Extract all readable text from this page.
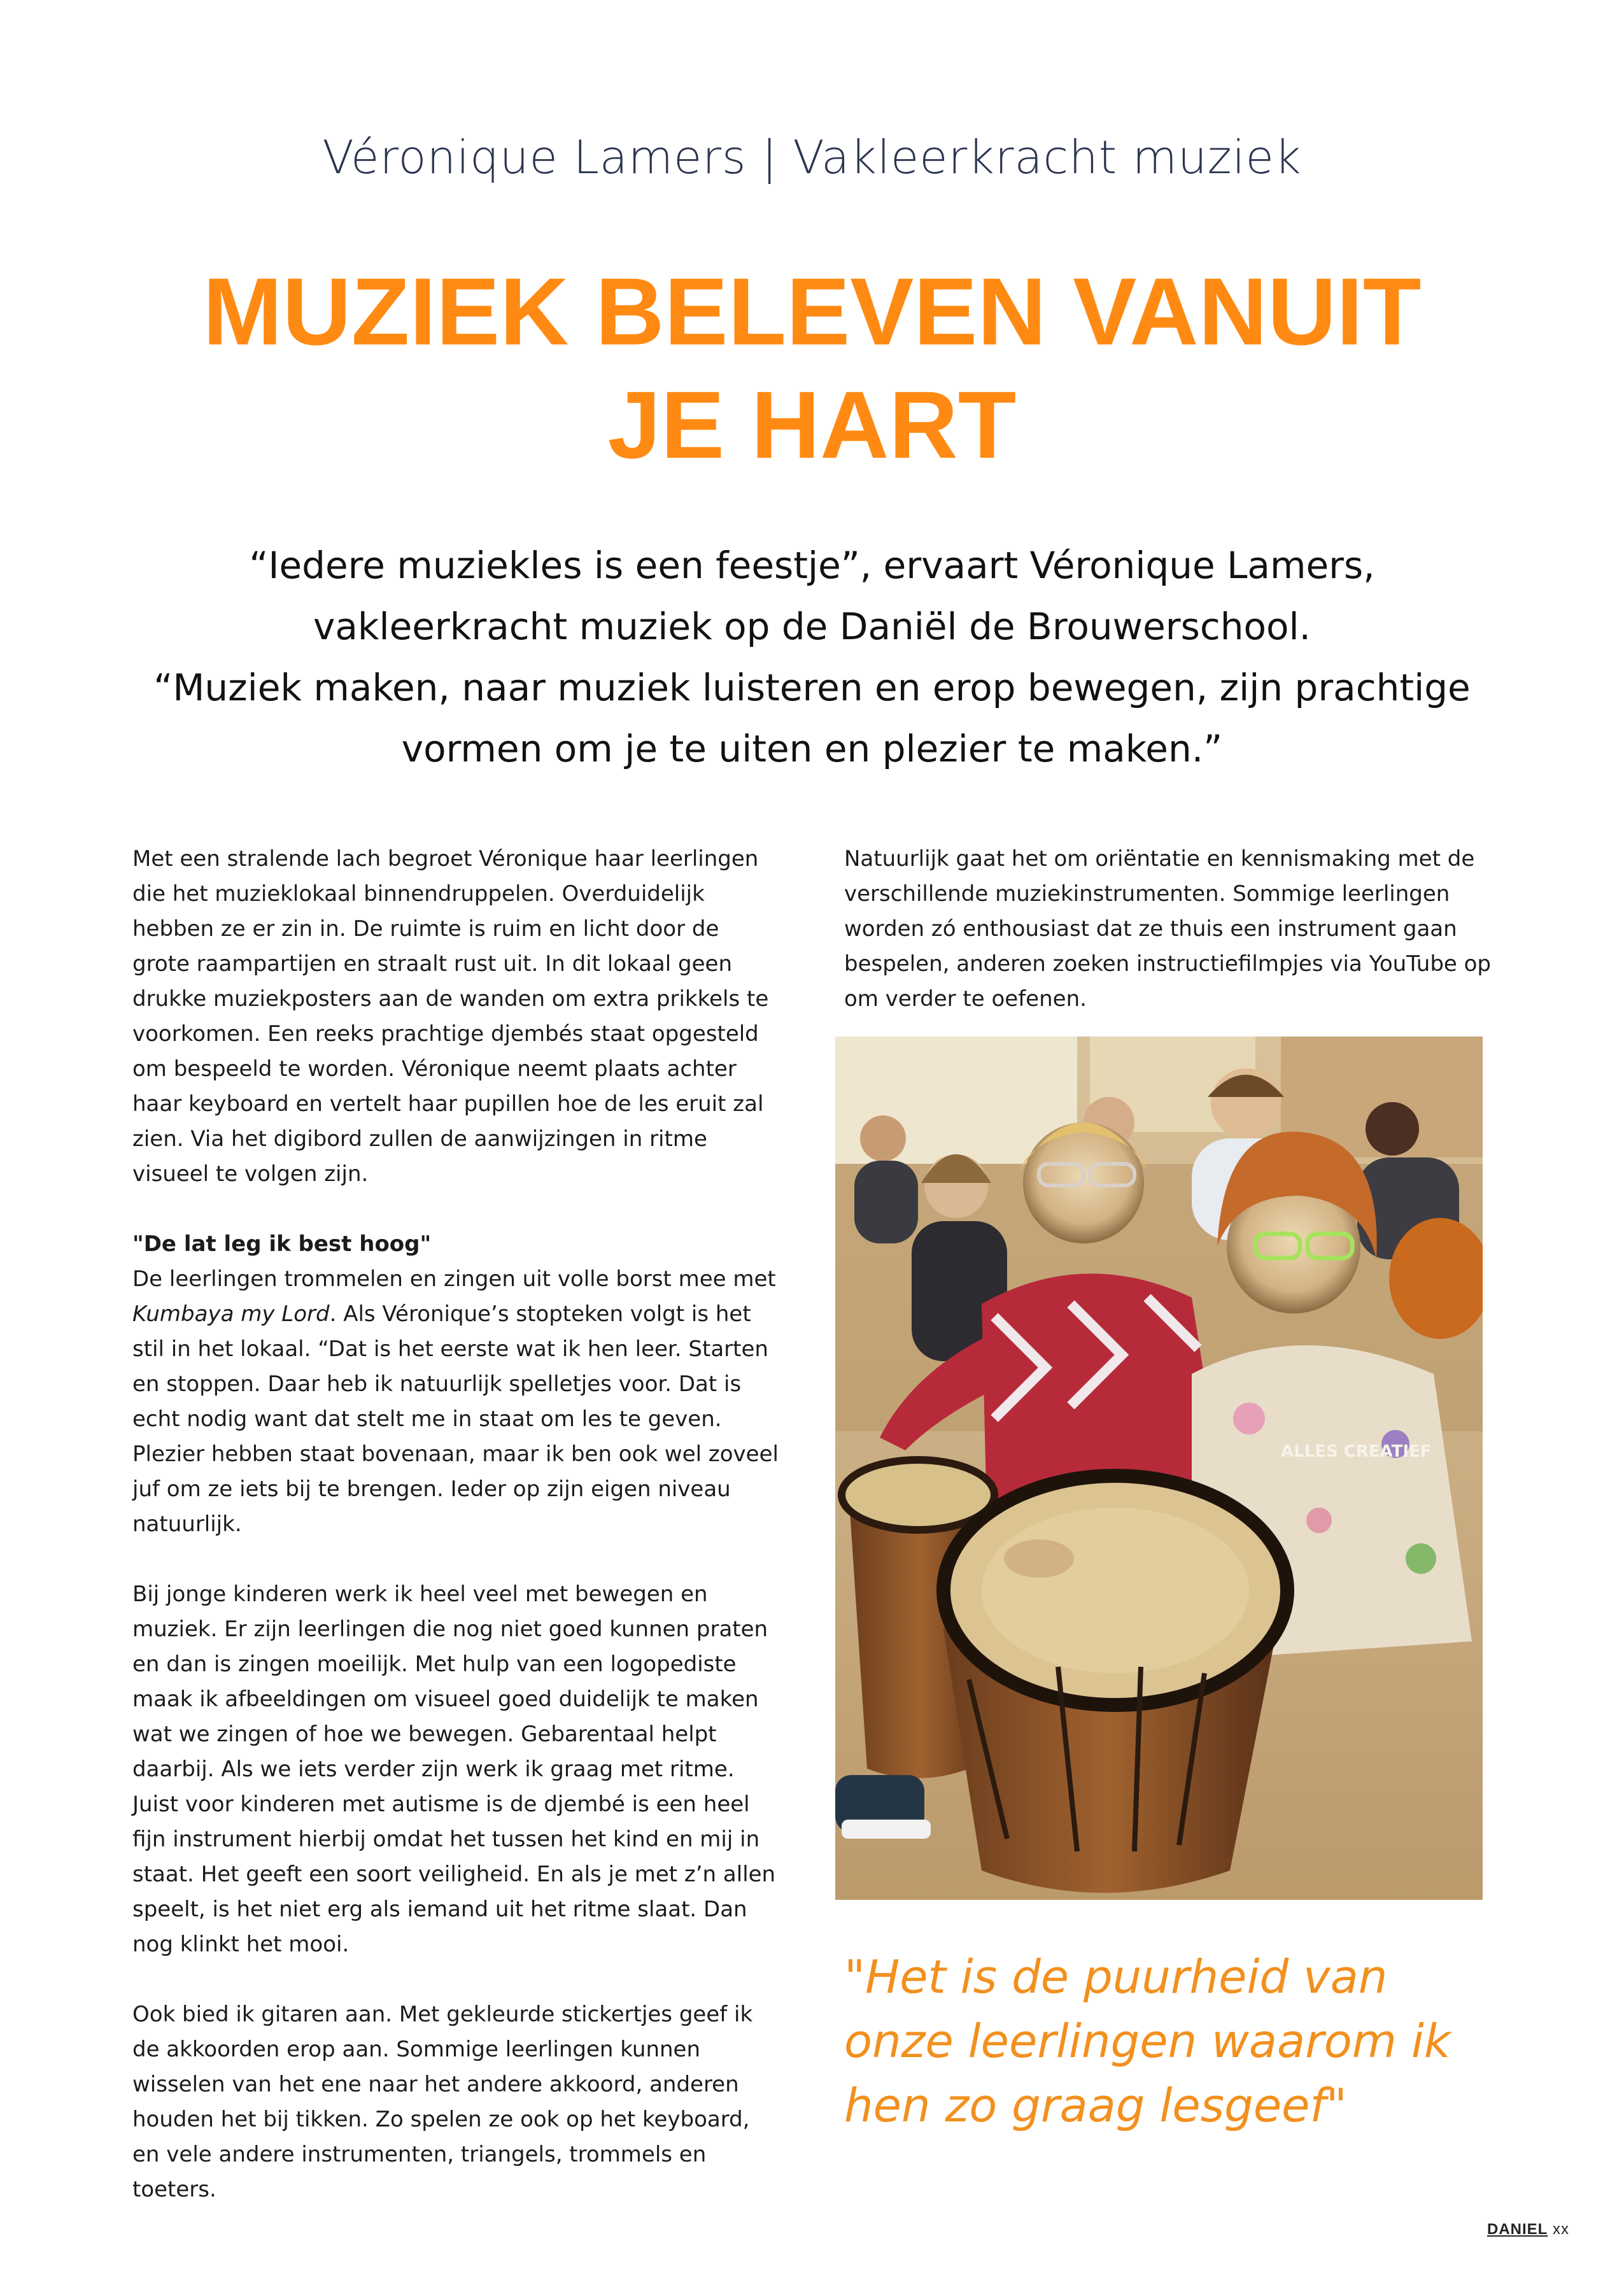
Véronique Lamers | Vakleerkracht muziek
MUZIEK BELEVEN VANUIT
JE HART
“Iedere muziekles is een feestje”, ervaart Véronique Lamers,
vakleerkracht muziek op de Daniël de Brouwerschool.
“Muziek maken, naar muziek luisteren en erop bewegen, zijn prachtige
vormen om je te uiten en plezier te maken.”

Met een stralende lach begroet Véronique haar leerlingen die het muzieklokaal binnendruppelen. Overduidelijk hebben ze er zin in. De ruimte is ruim en licht door de grote raampartijen en straalt rust uit. In dit lokaal geen drukke muziekposters aan de wanden om extra prikkels te voorkomen. Een reeks prachtige djembés staat opgesteld om bespeeld te worden. Véronique neemt plaats achter haar keyboard en vertelt haar pupillen hoe de les eruit zal zien. Via het digibord zullen de aanwijzingen in ritme visueel te volgen zijn.

"De lat leg ik best hoog"
De leerlingen trommelen en zingen uit volle borst mee met Kumbaya my Lord. Als Véronique’s stopteken volgt is het stil in het lokaal. “Dat is het eerste wat ik hen leer. Starten en stoppen. Daar heb ik natuurlijk spelletjes voor. Dat is echt nodig want dat stelt me in staat om les te geven. Plezier hebben staat bovenaan, maar ik ben ook wel zoveel juf om ze iets bij te brengen. Ieder op zijn eigen niveau natuurlijk.

Bij jonge kinderen werk ik heel veel met bewegen en muziek. Er zijn leerlingen die nog niet goed kunnen praten en dan is zingen moeilijk. Met hulp van een logopediste maak ik afbeeldingen om visueel goed duidelijk te maken wat we zingen of hoe we bewegen. Gebarentaal helpt daarbij. Als we iets verder zijn werk ik graag met ritme. Juist voor kinderen met autisme is de djembé is een heel fijn instrument hierbij omdat het tussen het kind en mij in staat. Het geeft een soort veiligheid. En als je met z’n allen speelt, is het niet erg als iemand uit het ritme slaat. Dan nog klinkt het mooi.

Ook bied ik gitaren aan. Met gekleurde stickertjes geef ik de akkoorden erop aan. Sommige leerlingen kunnen wisselen van het ene naar het andere akkoord, anderen houden het bij tikken. Zo spelen ze ook op het keyboard, en vele andere instrumenten, triangels, trommels en toeters.

Natuurlijk gaat het om oriëntatie en kennismaking met de verschillende muziekinstrumenten. Sommige leerlingen worden zó enthousiast dat ze thuis een instrument gaan bespelen, anderen zoeken instructiefilmpjes via YouTube op om verder te oefenen.

ALLES CREATIEF
"Het is de puurheid van onze leerlingen waarom ik hen zo graag lesgeef"
DANIEL xx
